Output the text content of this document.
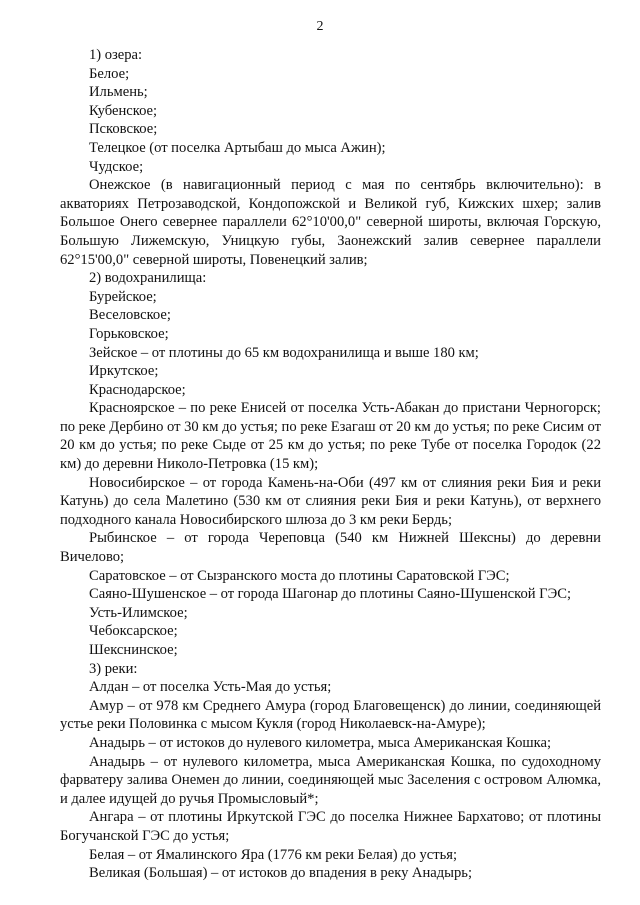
2

1) озера:

Белое;

Ильмень;

Кубенское;

Псковское;

Телецкое (от поселка Артыбаш до мыса Ажин);

Чудское;

Онежское (в навигационный период с мая по сентябрь включительно): в акваториях Петрозаводской, Кондопожской и Великой губ, Кижских шхер; залив Большое Онего севернее параллели 62°10'00,0" северной широты, включая Горскую, Большую Лижемскую, Уницкую губы, Заонежский залив севернее параллели 62°15'00,0" северной широты, Повенецкий залив;

2) водохранилища:

Бурейское;

Веселовское;

Горьковское;

Зейское – от плотины до 65 км водохранилища и выше 180 км;

Иркутское;

Краснодарское;

Красноярское – по реке Енисей от поселка Усть-Абакан до пристани Черногорск; по реке Дербино от 30 км до устья; по реке Езагаш от 20 км до устья; по реке Сисим от 20 км до устья; по реке Сыде от 25 км до устья; по реке Тубе от поселка Городок (22 км) до деревни Николо-Петровка (15 км);

Новосибирское – от города Камень-на-Оби (497 км от слияния реки Бия и реки Катунь) до села Малетино (530 км от слияния реки Бия и реки Катунь), от верхнего подходного канала Новосибирского шлюза до 3 км реки Бердь;

Рыбинское – от города Череповца (540 км Нижней Шексны) до деревни Вичелово;

Саратовское – от Сызранского моста до плотины Саратовской ГЭС;

Саяно-Шушенское – от города Шагонар до плотины Саяно-Шушенской ГЭС;

Усть-Илимское;

Чебоксарское;

Шекснинское;

3) реки:

Алдан – от поселка Усть-Мая до устья;

Амур – от 978 км Среднего Амура (город Благовещенск) до линии, соединяющей устье реки Половинка с мысом Кукля (город Николаевск-на-Амуре);

Анадырь – от истоков до нулевого километра, мыса Американская Кошка;

Анадырь – от нулевого километра, мыса Американская Кошка, по судоходному фарватеру залива Онемен до линии, соединяющей мыс Заселения с островом Алюмка, и далее идущей до ручья Промысловый*;

Ангара – от плотины Иркутской ГЭС до поселка Нижнее Бархатово; от плотины Богучанской ГЭС до устья;

Белая – от Ямалинского Яра (1776 км реки Белая) до устья;

Великая (Большая) – от истоков до впадения в реку Анадырь;
